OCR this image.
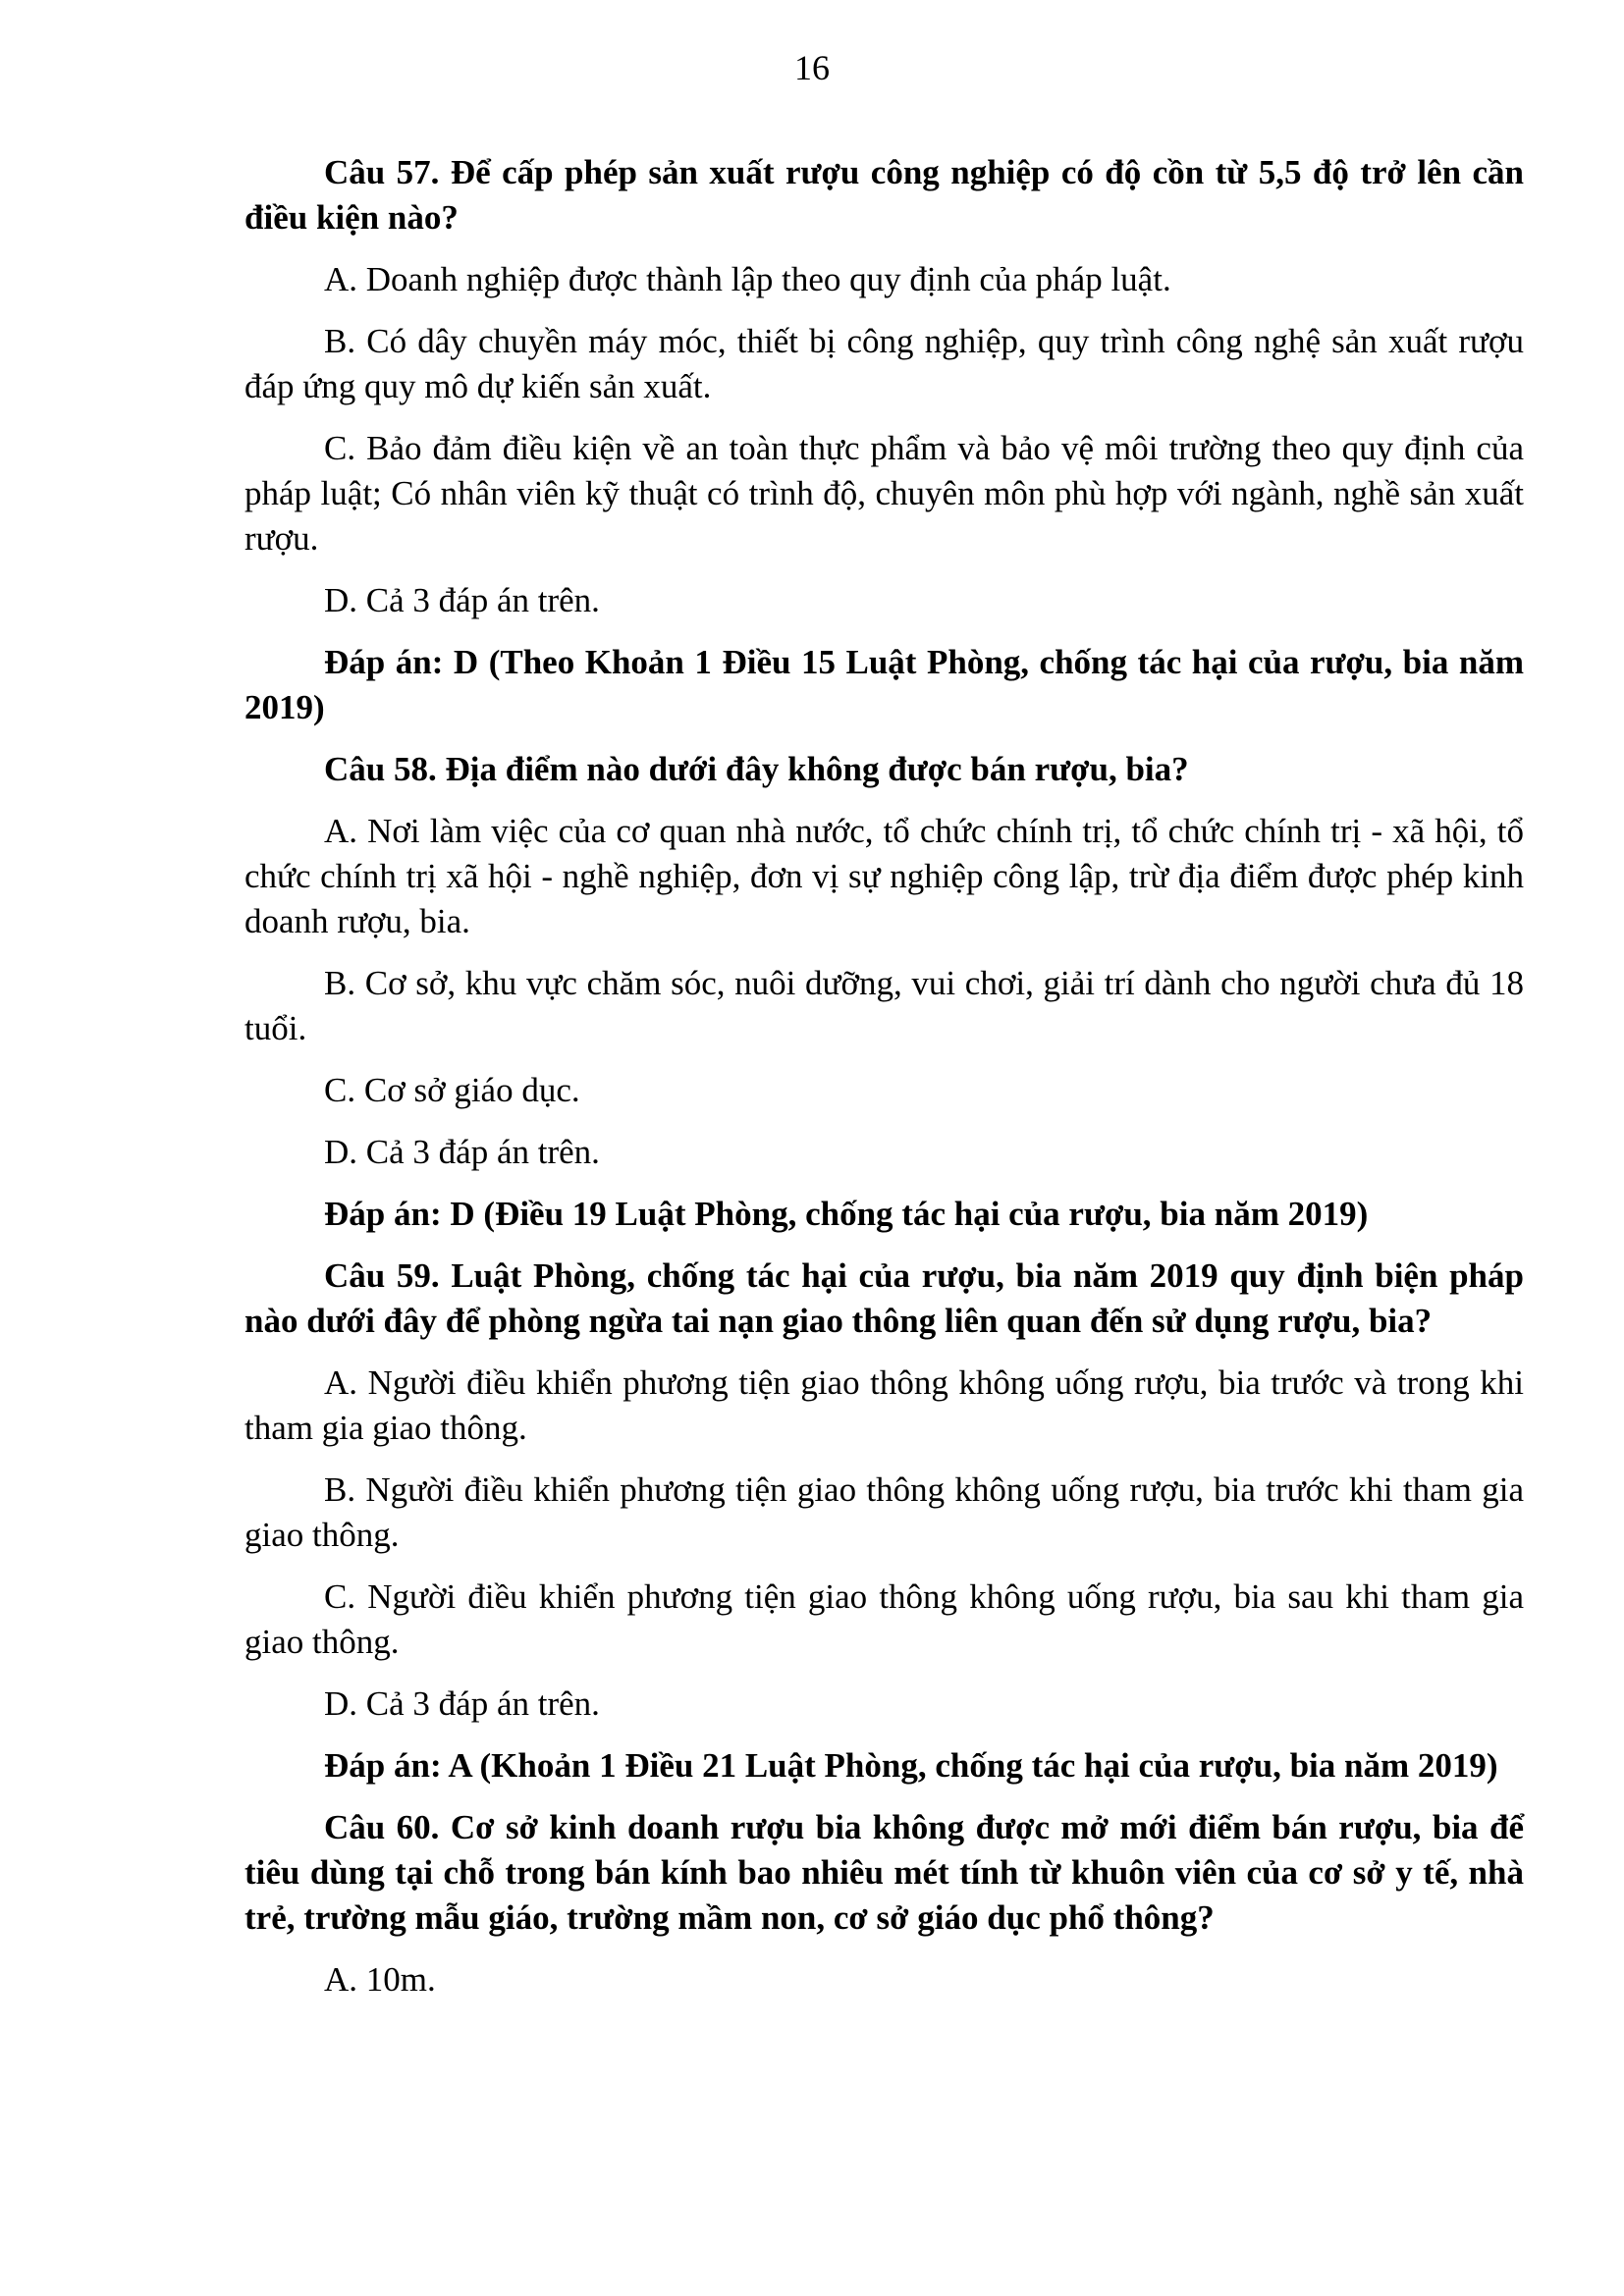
16

Câu 57. Để cấp phép sản xuất rượu công nghiệp có độ cồn từ 5,5 độ trở lên cần điều kiện nào?

A. Doanh nghiệp được thành lập theo quy định của pháp luật.

B. Có dây chuyền máy móc, thiết bị công nghiệp, quy trình công nghệ sản xuất rượu đáp ứng quy mô dự kiến sản xuất.

C. Bảo đảm điều kiện về an toàn thực phẩm và bảo vệ môi trường theo quy định của pháp luật; Có nhân viên kỹ thuật có trình độ, chuyên môn phù hợp với ngành, nghề sản xuất rượu.

D. Cả 3 đáp án trên.

Đáp án: D (Theo Khoản 1 Điều 15 Luật Phòng, chống tác hại của rượu, bia năm 2019)

Câu 58. Địa điểm nào dưới đây không được bán rượu, bia?

A. Nơi làm việc của cơ quan nhà nước, tổ chức chính trị, tổ chức chính trị - xã hội, tổ chức chính trị xã hội - nghề nghiệp, đơn vị sự nghiệp công lập, trừ địa điểm được phép kinh doanh rượu, bia.

B. Cơ sở, khu vực chăm sóc, nuôi dưỡng, vui chơi, giải trí dành cho người chưa đủ 18 tuổi.

C. Cơ sở giáo dục.

D. Cả 3 đáp án trên.

Đáp án: D (Điều 19 Luật Phòng, chống tác hại của rượu, bia năm 2019)

Câu 59. Luật Phòng, chống tác hại của rượu, bia năm 2019 quy định biện pháp nào dưới đây để phòng ngừa tai nạn giao thông liên quan đến sử dụng rượu, bia?

A. Người điều khiển phương tiện giao thông không uống rượu, bia trước và trong khi tham gia giao thông.

B. Người điều khiển phương tiện giao thông không uống rượu, bia trước khi tham gia giao thông.

C. Người điều khiển phương tiện giao thông không uống rượu, bia sau khi tham gia giao thông.

D. Cả 3 đáp án trên.

Đáp án: A (Khoản 1 Điều 21 Luật Phòng, chống tác hại của rượu, bia năm 2019)

Câu 60. Cơ sở kinh doanh rượu bia không được mở mới điểm bán rượu, bia để tiêu dùng tại chỗ trong bán kính bao nhiêu mét tính từ khuôn viên của cơ sở y tế, nhà trẻ, trường mẫu giáo, trường mầm non, cơ sở giáo dục phổ thông?

A. 10m.
